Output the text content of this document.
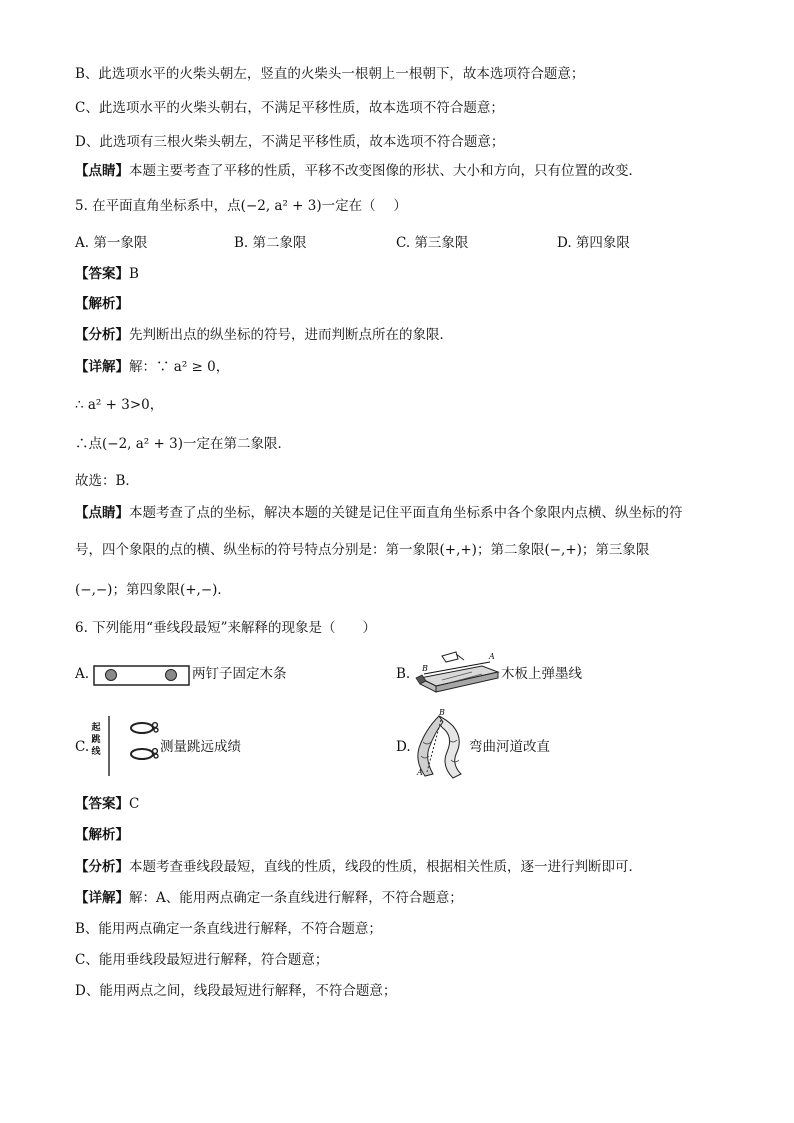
B、此选项水平的火柴头朝左，竖直的火柴头一根朝上一根朝下，故本选项符合题意；
C、此选项水平的火柴头朝右，不满足平移性质，故本选项不符合题意；
D、此选项有三根火柴头朝左，不满足平移性质，故本选项不符合题意；
【点睛】本题主要考查了平移的性质，平移不改变图像的形状、大小和方向，只有位置的改变．
5. 在平面直角坐标系中，点(−2, a² + 3)一定在（　 ）
A. 第一象限	B. 第二象限	C. 第三象限	D. 第四象限
【答案】B
【解析】
【分析】先判断出点的纵坐标的符号，进而判断点所在的象限．
【详解】解：∵ a² ≥ 0，
∴ a² + 3>0，
∴点(−2, a² + 3)一定在第二象限．
故选：B．
【点睛】本题考查了点的坐标，解决本题的关键是记住平面直角坐标系中各个象限内点横、纵坐标的符
号，四个象限的点的横、纵坐标的符号特点分别是：第一象限(+,+)；第二象限(−,+)；第三象限
(−,−)；第四象限(+,−)．
6. 下列能用“垂线段最短”来解释的现象是（　　）
A.	两钉子固定木条	B. B
A
木板上弹墨线
C.
起跳线	测量跳远成绩	D.
B
A
弯曲河道改直
【答案】C
【解析】
【分析】本题考查垂线段最短，直线的性质，线段的性质，根据相关性质，逐一进行判断即可．
【详解】解：A、能用两点确定一条直线进行解释，不符合题意；
B、能用两点确定一条直线进行解释，不符合题意；
C、能用垂线段最短进行解释，符合题意；
D、能用两点之间，线段最短进行解释，不符合题意；
